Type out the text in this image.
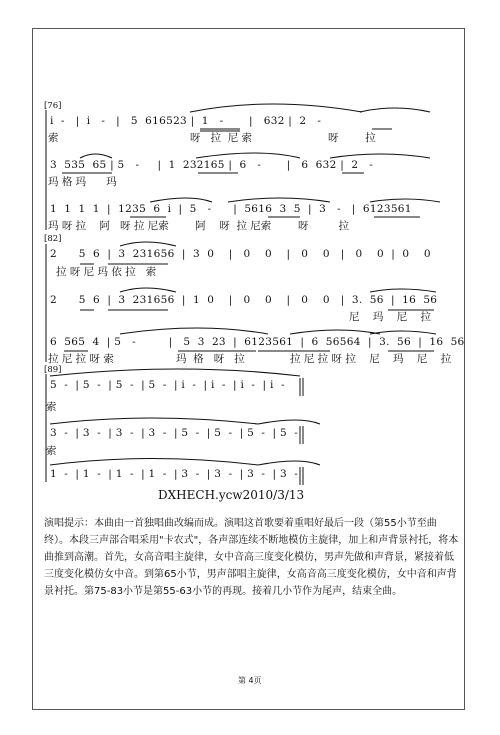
[76]
i̇  -   |  i̇   -   |   5  616523 |  1   -       |   632 |  2   -
索	呀   拉  尼 索	呀        拉
3  535  65 | 5   -     |  1  232165 |  6   -       |   6  632 |  2   -
玛 格 玛      玛
1  1  1  1  |  1235  6  i̇  |  5   -      |  5616  3  5  |  3   -   |  6123561
玛 呀 拉    阿   呀 拉 尼索        阿    呀  拉 尼索        呀         拉
[82]
2      5  6  |  3  231656  |  3  0    |   0    0    |   0    0   |   0    0  |  0    0
拉 呀 尼 玛 依 拉   索
2      5  6  |  3  231656  |  1  0    |   0    0    |   0    0   |  3.  56  |  16  56
尼    玛    尼    拉
6  565  4  | 5   -         |   5  3  23  |  6123561  |  6  56564  |  3.  56  |  16  56
拉 尼 拉 呀 索	玛  格   呀   拉	拉 尼 拉 呀 拉    尼    玛    尼    拉
[89]
5  -  | 5  -  | 5  -  | 5  -  | i̇  -  | i̇  -  | i̇  -  | i̇  -
索
3  -  | 3  -  | 3  -  | 3  -  | 5  -  | 5  -  | 5  -  | 5  -
索
1  -  | 1  -  | 1  -  | 1  -  | 3  -  | 3  -  | 3  -  | 3  -
DXHECH.ycw2010/3/13
演唱提示：本曲由一首独唱曲改编而成。演唱这首歌要着重唱好最后一段（第55小节至曲终）。本段三声部合唱采用"卡农式"，各声部连续不断地模仿主旋律，加上和声背景衬托，将本曲推到高潮。首先，女高音唱主旋律，女中音高三度变化模仿，男声先做和声背景，紧接着低三度变化模仿女中音。到第65小节，男声部唱主旋律，女高音高三度变化模仿，女中音和声背景衬托。第75-83小节是第55-63小节的再现。接着几小节作为尾声，结束全曲。
第 4页
